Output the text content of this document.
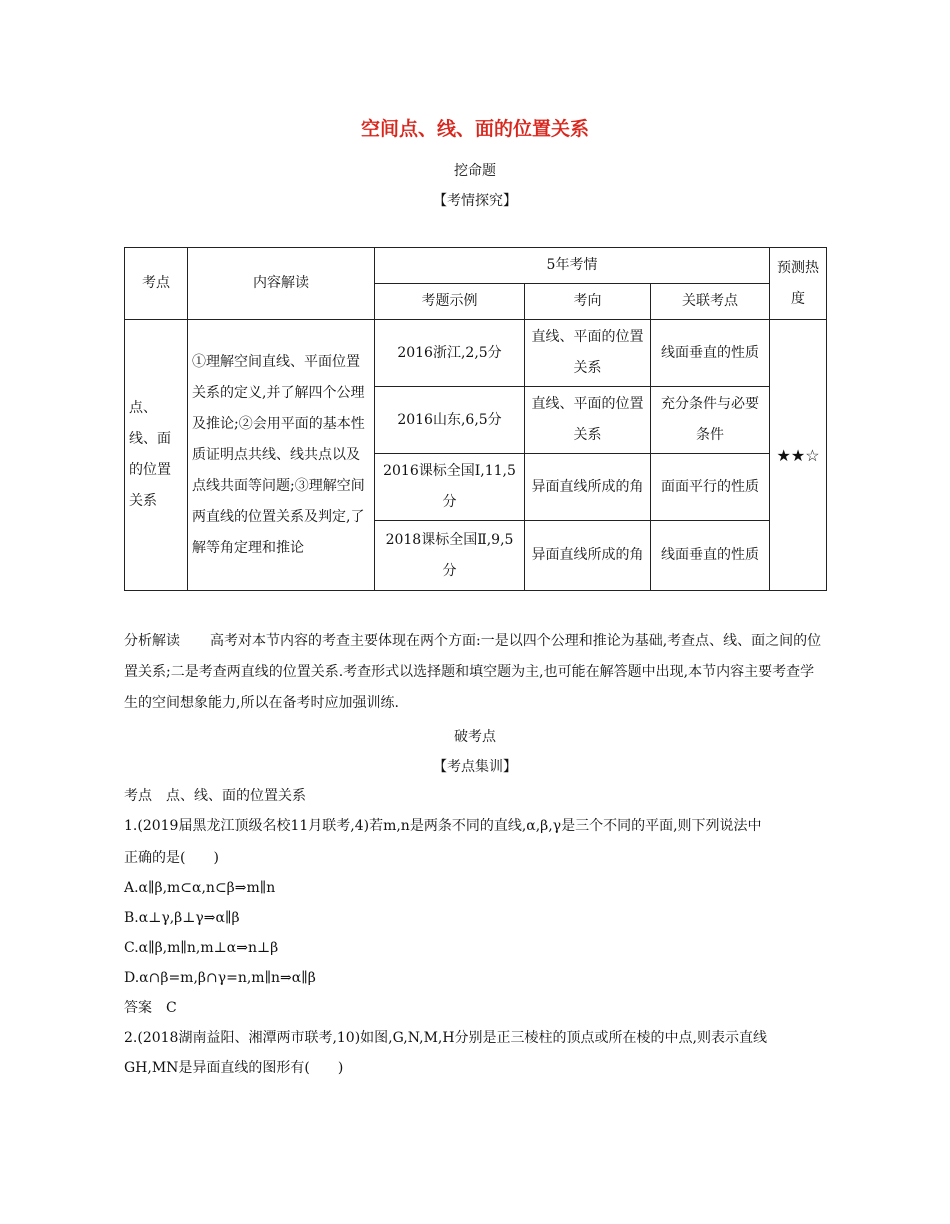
空间点、线、面的位置关系
挖命题
【考情探究】
考点	内容解读	5年考情			预测热度
		考题示例	考向	关联考点	
点、线、面的位置关系	①理解空间直线、平面位置关系的定义,并了解四个公理及推论;②会用平面的基本性质证明点共线、线共点以及点线共面等问题;③理解空间两直线的位置关系及判定,了解等角定理和推论	2016浙江,2,5分	直线、平面的位置关系	线面垂直的性质	★★☆
		2016山东,6,5分	直线、平面的位置关系	充分条件与必要条件	
		2016课标全国Ⅰ,11,5分	异面直线所成的角	面面平行的性质	
		2018课标全国Ⅱ,9,5分	异面直线所成的角	线面垂直的性质	
分析解读 高考对本节内容的考查主要体现在两个方面:一是以四个公理和推论为基础,考查点、线、面之间的位置关系;二是考查两直线的位置关系.考查形式以选择题和填空题为主,也可能在解答题中出现,本节内容主要考查学生的空间想象能力,所以在备考时应加强训练.
破考点
【考点集训】
考点　点、线、面的位置关系
1.(2019届黑龙江顶级名校11月联考,4)若m,n是两条不同的直线,α,β,γ是三个不同的平面,则下列说法中
正确的是(　　)
A.α∥β,m⊂α,n⊂β⇒m∥n
B.α⊥γ,β⊥γ⇒α∥β
C.α∥β,m∥n,m⊥α⇒n⊥β
D.α∩β=m,β∩γ=n,m∥n⇒α∥β
答案　C
2.(2018湖南益阳、湘潭两市联考,10)如图,G,N,M,H分别是正三棱柱的顶点或所在棱的中点,则表示直线
GH,MN是异面直线的图形有(　　)
